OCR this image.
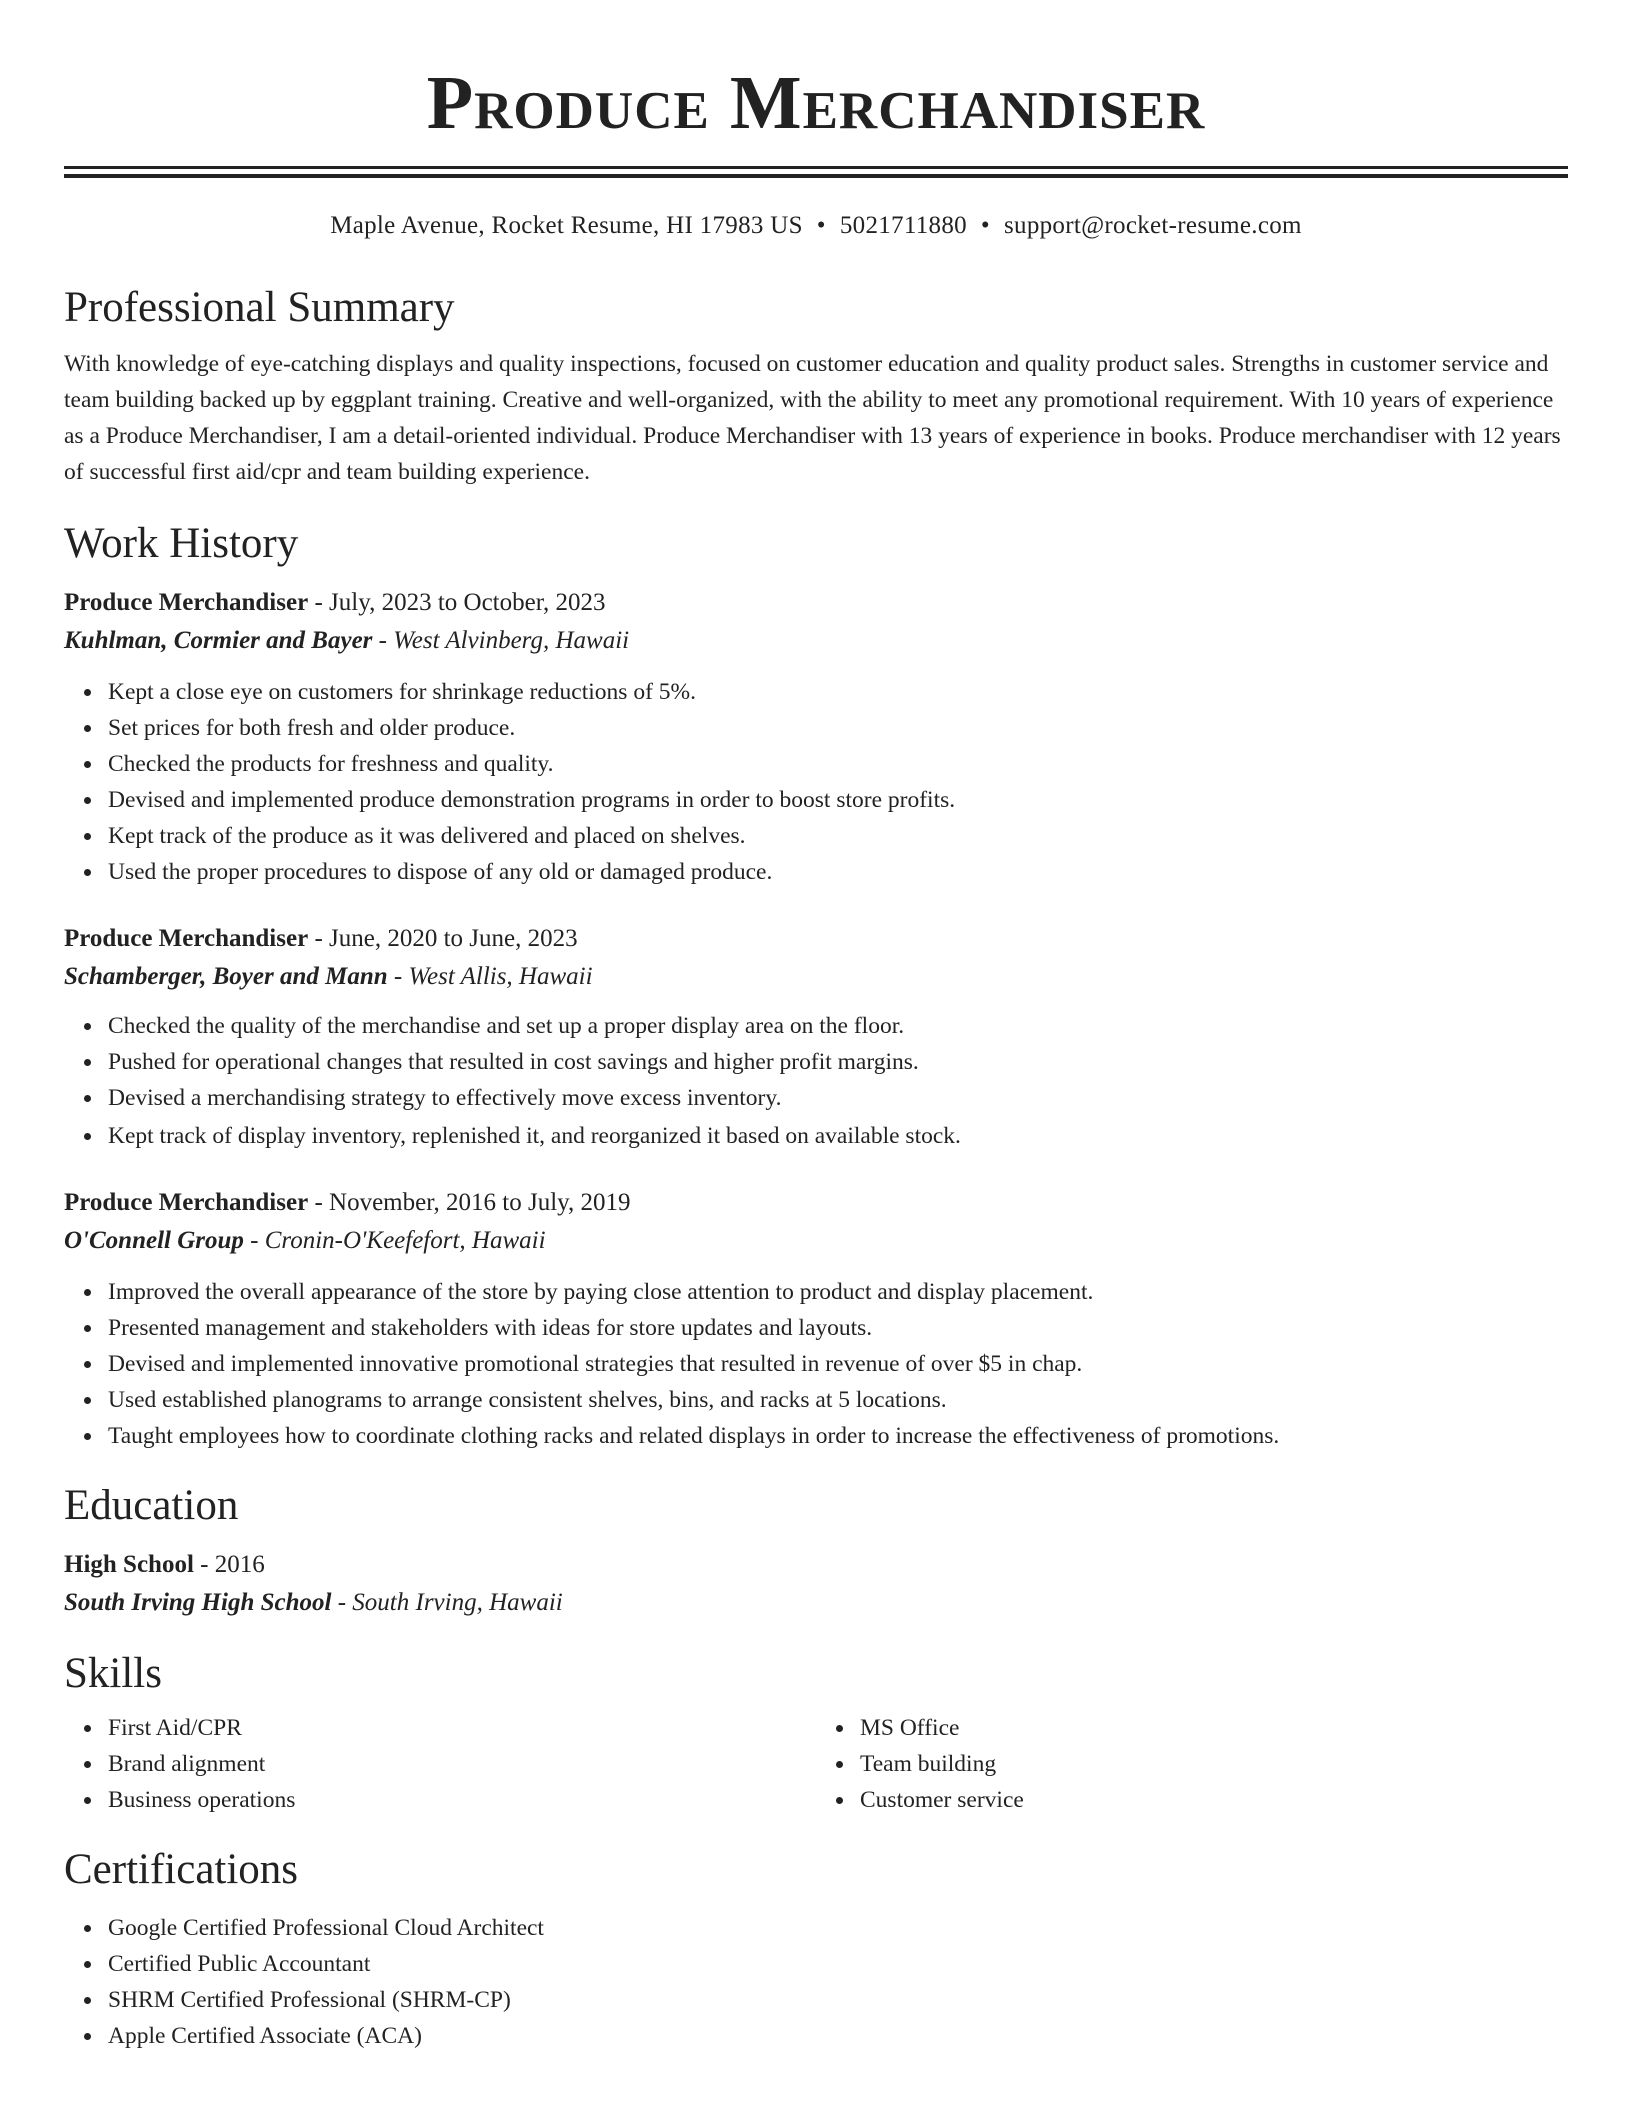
Produce Merchandiser
Maple Avenue, Rocket Resume, HI 17983 US • 5021711880 • support@rocket-resume.com
Professional Summary
With knowledge of eye-catching displays and quality inspections, focused on customer education and quality product sales. Strengths in customer service and team building backed up by eggplant training. Creative and well-organized, with the ability to meet any promotional requirement. With 10 years of experience as a Produce Merchandiser, I am a detail-oriented individual. Produce Merchandiser with 13 years of experience in books. Produce merchandiser with 12 years of successful first aid/cpr and team building experience.
Work History
Produce Merchandiser - July, 2023 to October, 2023
Kuhlman, Cormier and Bayer - West Alvinberg, Hawaii
Kept a close eye on customers for shrinkage reductions of 5%.
Set prices for both fresh and older produce.
Checked the products for freshness and quality.
Devised and implemented produce demonstration programs in order to boost store profits.
Kept track of the produce as it was delivered and placed on shelves.
Used the proper procedures to dispose of any old or damaged produce.
Produce Merchandiser - June, 2020 to June, 2023
Schamberger, Boyer and Mann - West Allis, Hawaii
Checked the quality of the merchandise and set up a proper display area on the floor.
Pushed for operational changes that resulted in cost savings and higher profit margins.
Devised a merchandising strategy to effectively move excess inventory.
Kept track of display inventory, replenished it, and reorganized it based on available stock.
Produce Merchandiser - November, 2016 to July, 2019
O'Connell Group - Cronin-O'Keefefort, Hawaii
Improved the overall appearance of the store by paying close attention to product and display placement.
Presented management and stakeholders with ideas for store updates and layouts.
Devised and implemented innovative promotional strategies that resulted in revenue of over $5 in chap.
Used established planograms to arrange consistent shelves, bins, and racks at 5 locations.
Taught employees how to coordinate clothing racks and related displays in order to increase the effectiveness of promotions.
Education
High School - 2016
South Irving High School - South Irving, Hawaii
Skills
First Aid/CPR
Brand alignment
Business operations
MS Office
Team building
Customer service
Certifications
Google Certified Professional Cloud Architect
Certified Public Accountant
SHRM Certified Professional (SHRM-CP)
Apple Certified Associate (ACA)
